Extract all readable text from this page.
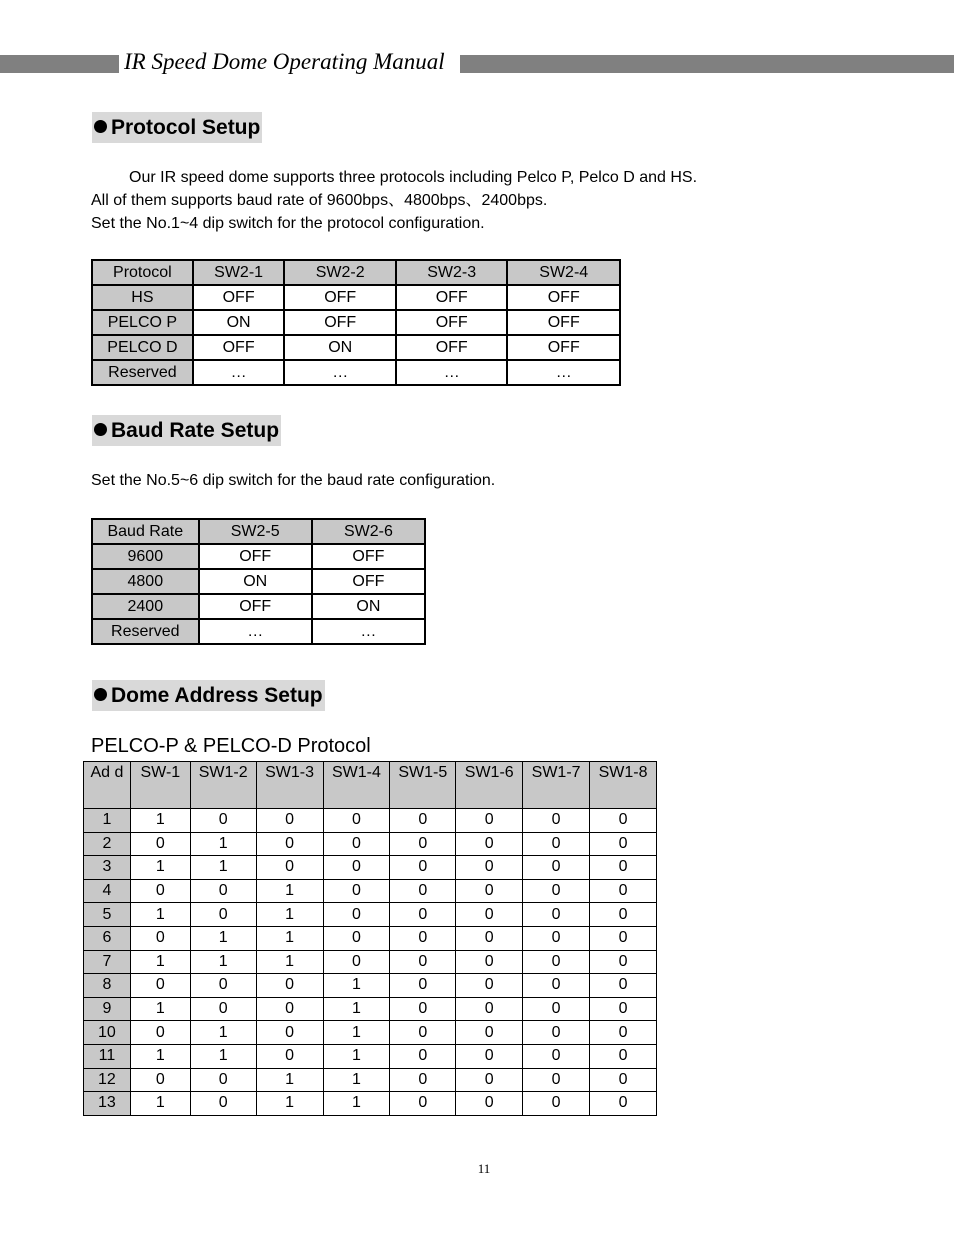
IR Speed Dome Operating Manual
Protocol Setup
Our IR speed dome supports three protocols including Pelco P, Pelco D and HS.
All of them supports baud rate of 9600bps、4800bps、2400bps.
Set the No.1~4 dip switch for the protocol configuration.
Protocol	SW2-1	SW2-2	SW2-3	SW2-4
HS	OFF	OFF	OFF	OFF
PELCO P	ON	OFF	OFF	OFF
PELCO D	OFF	ON	OFF	OFF
Reserved	…	…	…	…
Baud Rate Setup
Set the No.5~6 dip switch for the baud rate configuration.
Baud Rate	SW2-5	SW2-6
9600	OFF	OFF
4800	ON	OFF
2400	OFF	ON
Reserved	…	…
Dome Address Setup
PELCO-P & PELCO-D Protocol
Ad d	SW-1	SW1-2	SW1-3	SW1-4	SW1-5	SW1-6	SW1-7	SW1-8
1	1	0	0	0	0	0	0	0
2	0	1	0	0	0	0	0	0
3	1	1	0	0	0	0	0	0
4	0	0	1	0	0	0	0	0
5	1	0	1	0	0	0	0	0
6	0	1	1	0	0	0	0	0
7	1	1	1	0	0	0	0	0
8	0	0	0	1	0	0	0	0
9	1	0	0	1	0	0	0	0
10	0	1	0	1	0	0	0	0
11	1	1	0	1	0	0	0	0
12	0	0	1	1	0	0	0	0
13	1	0	1	1	0	0	0	0
11
